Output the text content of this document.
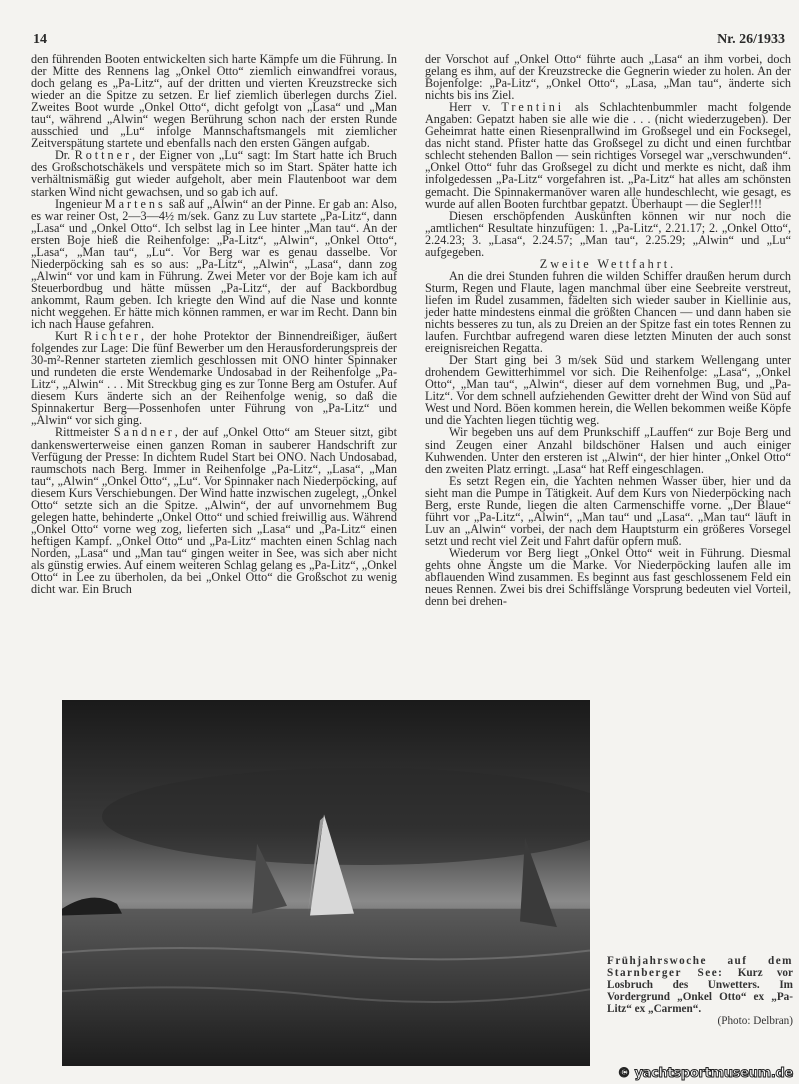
14	Nr. 26/1933

den führenden Booten entwickelten sich harte Kämpfe um die Führung. In der Mitte des Rennens lag „Onkel Otto“ ziemlich einwandfrei voraus, doch gelang es „Pa-Litz“, auf der dritten und vierten Kreuzstrecke sich wieder an die Spitze zu setzen. Er lief ziemlich überlegen durchs Ziel. Zweites Boot wurde „Onkel Otto“, dicht gefolgt von „Lasa“ und „Man tau“, während „Alwin“ wegen Berührung schon nach der ersten Runde ausschied und „Lu“ infolge Mannschaftsmangels mit ziemlicher Zeitverspätung startete und ebenfalls nach den ersten Gängen aufgab.

Dr. Rottner, der Eigner von „Lu“ sagt: Im Start hatte ich Bruch des Großschotschäkels und verspätete mich so im Start. Später hatte ich verhältnismäßig gut wieder aufgeholt, aber mein Flautenboot war dem starken Wind nicht gewachsen, und so gab ich auf.

Ingenieur Martens saß auf „Alwin“ an der Pinne. Er gab an: Also, es war reiner Ost, 2—3—4½ m/sek. Ganz zu Luv startete „Pa-Litz“, dann „Lasa“ und „Onkel Otto“. Ich selbst lag in Lee hinter „Man tau“. An der ersten Boje hieß die Reihenfolge: „Pa-Litz“, „Alwin“, „Onkel Otto“, „Lasa“, „Man tau“, „Lu“. Vor Berg war es genau dasselbe. Vor Niederpöcking sah es so aus: „Pa-Litz“, „Alwin“, „Lasa“, dann zog „Alwin“ vor und kam in Führung. Zwei Meter vor der Boje kam ich auf Steuerbordbug und hätte müssen „Pa-Litz“, der auf Backbordbug ankommt, Raum geben. Ich kriegte den Wind auf die Nase und konnte nicht weggehen. Er hätte mich können rammen, er war im Recht. Dann bin ich nach Hause gefahren.

Kurt Richter, der hohe Protektor der Binnendreißiger, äußert folgendes zur Lage: Die fünf Bewerber um den Herausforderungspreis der 30-m²-Renner starteten ziemlich geschlossen mit ONO hinter Spinnaker und rundeten die erste Wendemarke Undosabad in der Reihenfolge „Pa-Litz“, „Alwin“ . . . Mit Streckbug ging es zur Tonne Berg am Ostufer. Auf diesem Kurs änderte sich an der Reihenfolge wenig, so daß die Spinnakertur Berg—Possenhofen unter Führung von „Pa-Litz“ und „Alwin“ vor sich ging.

Rittmeister Sandner, der auf „Onkel Otto“ am Steuer sitzt, gibt dankenswerterweise einen ganzen Roman in sauberer Handschrift zur Verfügung der Presse: In dichtem Rudel Start bei ONO. Nach Undosabad, raumschots nach Berg. Immer in Reihenfolge „Pa-Litz“, „Lasa“, „Man tau“, „Alwin“ „Onkel Otto“, „Lu“. Vor Spinnaker nach Niederpöcking, auf diesem Kurs Verschiebungen. Der Wind hatte inzwischen zugelegt, „Onkel Otto“ setzte sich an die Spitze. „Alwin“, der auf unvornehmem Bug gelegen hatte, behinderte „Onkel Otto“ und schied freiwillig aus. Während „Onkel Otto“ vorne weg zog, lieferten sich „Lasa“ und „Pa-Litz“ einen heftigen Kampf. „Onkel Otto“ und „Pa-Litz“ machten einen Schlag nach Norden, „Lasa“ und „Man tau“ gingen weiter in See, was sich aber nicht als günstig erwies. Auf einem weiteren Schlag gelang es „Pa-Litz“, „Onkel Otto“ in Lee zu überholen, da bei „Onkel Otto“ die Großschot zu wenig dicht war. Ein Bruch

der Vorschot auf „Onkel Otto“ führte auch „Lasa“ an ihm vorbei, doch gelang es ihm, auf der Kreuzstrecke die Gegnerin wieder zu holen. An der Bojenfolge: „Pa-Litz“, „Onkel Otto“, „Lasa, „Man tau“, änderte sich nichts bis ins Ziel.

Herr v. Trentini als Schlachtenbummler macht folgende Angaben: Gepatzt haben sie alle wie die . . . (nicht wiederzugeben). Der Geheimrat hatte einen Riesenprallwind im Großsegel und ein Focksegel, das nicht stand. Pfister hatte das Großsegel zu dicht und einen furchtbar schlecht stehenden Ballon — sein richtiges Vorsegel war „verschwunden“. „Onkel Otto“ fuhr das Großsegel zu dicht und merkte es nicht, daß ihm infolgedessen „Pa-Litz“ vorgefahren ist. „Pa-Litz“ hat alles am schönsten gemacht. Die Spinnakermanöver waren alle hundeschlecht, wie gesagt, es wurde auf allen Booten furchtbar gepatzt. Überhaupt — die Segler!!!

Diesen erschöpfenden Auskünften können wir nur noch die „amtlichen“ Resultate hinzufügen: 1. „Pa-Litz“, 2.21.17; 2. „Onkel Otto“, 2.24.23; 3. „Lasa“, 2.24.57; „Man tau“, 2.25.29; „Alwin“ und „Lu“ aufgegeben.

Zweite Wettfahrt.

An die drei Stunden fuhren die wilden Schiffer draußen herum durch Sturm, Regen und Flaute, lagen manchmal über eine Seebreite verstreut, liefen im Rudel zusammen, fädelten sich wieder sauber in Kiellinie aus, jeder hatte mindestens einmal die größten Chancen — und dann haben sie nichts besseres zu tun, als zu Dreien an der Spitze fast ein totes Rennen zu laufen. Furchtbar aufregend waren diese letzten Minuten der auch sonst ereignisreichen Regatta.

Der Start ging bei 3 m/sek Süd und starkem Wellengang unter drohendem Gewitterhimmel vor sich. Die Reihenfolge: „Lasa“, „Onkel Otto“, „Man tau“, „Alwin“, dieser auf dem vornehmen Bug, und „Pa-Litz“. Vor dem schnell aufziehenden Gewitter dreht der Wind von Süd auf West und Nord. Böen kommen herein, die Wellen bekommen weiße Köpfe und die Yachten liegen tüchtig weg.

Wir begeben uns auf dem Prunkschiff „Lauffen“ zur Boje Berg und sind Zeugen einer Anzahl bildschöner Halsen und auch einiger Kuhwenden. Unter den ersteren ist „Alwin“, der hier hinter „Onkel Otto“ den zweiten Platz erringt. „Lasa“ hat Reff eingeschlagen.

Es setzt Regen ein, die Yachten nehmen Wasser über, hier und da sieht man die Pumpe in Tätigkeit. Auf dem Kurs von Niederpöcking nach Berg, erste Runde, liegen die alten Carmenschiffe vorne. „Der Blaue“ führt vor „Pa-Litz“, „Alwin“, „Man tau“ und „Lasa“. „Man tau“ läuft in Luv an „Alwin“ vorbei, der nach dem Hauptsturm ein größeres Vorsegel setzt und recht viel Zeit und Fahrt dafür opfern muß.

Wiederum vor Berg liegt „Onkel Otto“ weit in Führung. Diesmal gehts ohne Ängste um die Marke. Vor Niederpöcking laufen alle im abflauenden Wind zusammen. Es beginnt aus fast geschlossenem Feld ein neues Rennen. Zwei bis drei Schiffslänge Vorsprung bedeuten viel Vorteil, denn bei drehen-

Frühjahrswoche auf dem Starnberger See: Kurz vor Losbruch des Unwetters. Im Vordergrund „Onkel Otto“ ex „Pa-Litz“ ex „Carmen“.
(Photo: Delbran)
© yachtsportmuseum.de
